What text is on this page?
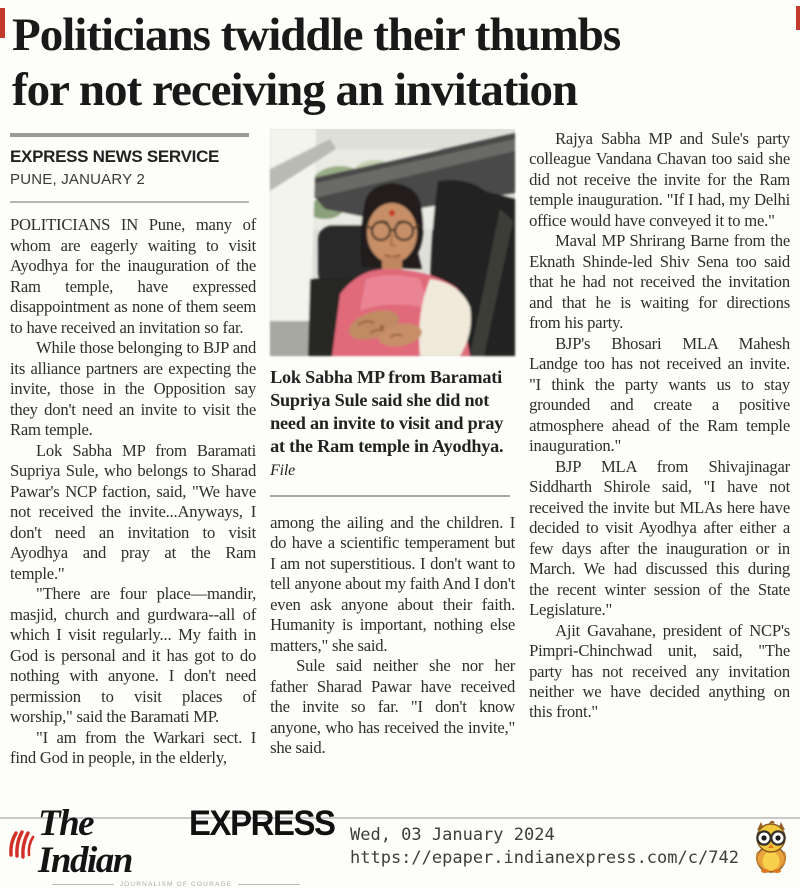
Politicians twiddle their thumbs
for not receiving an invitation
EXPRESS NEWS SERVICE
PUNE, JANUARY 2

POLITICIANS IN Pune, many of whom are eagerly waiting to visit Ayodhya for the inauguration of the Ram temple, have expressed disappointment as none of them seem to have received an invitation so far.

While those belonging to BJP and its alliance partners are expecting the invite, those in the Opposition say they don't need an invite to visit the Ram temple.

Lok Sabha MP from Baramati Supriya Sule, who belongs to Sharad Pawar's NCP faction, said, "We have not received the invite...Anyways, I don't need an invitation to visit Ayodhya and pray at the Ram temple."

"There are four place—mandir, masjid, church and gurdwara--all of which I visit regularly... My faith in God is personal and it has got to do nothing with anyone. I don't need permission to visit places of worship," said the Baramati MP.

"I am from the Warkari sect. I find God in people, in the elderly,

Lok Sabha MP from Baramati Supriya Sule said she did not need an invite to visit and pray at the Ram temple in Ayodhya. File

among the ailing and the children. I do have a scientific temperament but I am not superstitious. I don't want to tell anyone about my faith And I don't even ask anyone about their faith. Humanity is important, nothing else matters," she said.

Sule said neither she nor her father Sharad Pawar have received the invite so far. "I don't know anyone, who has received the invite," she said.

Rajya Sabha MP and Sule's party colleague Vandana Chavan too said she did not receive the invite for the Ram temple inauguration. "If I had, my Delhi office would have conveyed it to me."

Maval MP Shrirang Barne from the Eknath Shinde-led Shiv Sena too said that he had not received the invitation and that he is waiting for directions from his party.

BJP's Bhosari MLA Mahesh Landge too has not received an invite. "I think the party wants us to stay grounded and create a positive atmosphere ahead of the Ram temple inauguration."

BJP MLA from Shivajinagar Siddharth Shirole said, "I have not received the invite but MLAs here have decided to visit Ayodhya after either a few days after the inauguration or in March. We had discussed this during the recent winter session of the State Legislature."

Ajit Gavahane, president of NCP's Pimpri-Chinchwad unit, said, "The party has not received any invitation neither we have decided anything on this front."

The Indian
EXPRESS
JOURNALISM OF COURAGE
Wed, 03 January 2024
https://epaper.indianexpress.com/c/742
